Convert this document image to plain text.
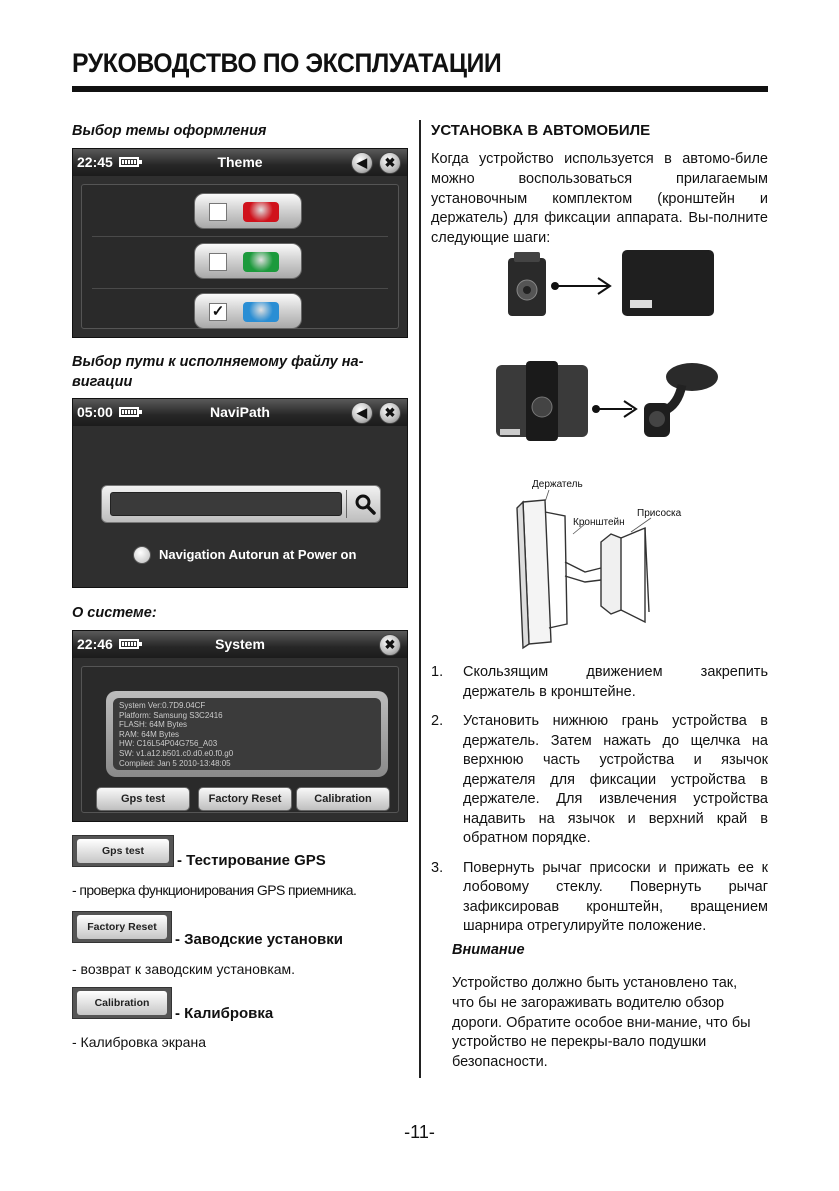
РУКОВОДСТВО ПО ЭКСПЛУАТАЦИИ
Выбор темы оформления
22:45	Theme	◀	✖
✓
Выбор пути к исполняемому файлу на-вигации
05:00	NaviPath	◀	✖
Navigation Autorun at Power on
О системе:
22:46	System	✖
System Ver:0.7D9.04CF
Platform: Samsung S3C2416
FLASH: 64M Bytes
RAM: 64M Bytes
HW: C16L54P04G756_A03
SW: v1.a12.b501.c0.d0.e0.f0.g0
Compiled: Jan 5 2010-13:48:05
Gps test	Factory Reset	Calibration
Gps test
- Тестирование GPS
- проверка функционирования GPS приемника.
Factory Reset
- Заводские установки
- возврат к заводским установкам.
Calibration
- Калибровка
- Калибровка экрана
УСТАНОВКА В АВТОМОБИЛЕ
Когда устройство используется в автомо-биле можно воспользоваться прилагаемым установочным комплектом (кронштейн и держатель) для фиксации аппарата. Вы-полните следующие шаги:
Держатель
Кронштейн
Присоска
1. Скользящим движением закрепить держатель в кронштейне.
2. Установить нижнюю грань устройства в держатель. Затем нажать до щелчка на верхнюю часть устройства и язычок держателя для фиксации устройства в держателе. Для извлечения устройства надавить на язычок и верхний край в обратном порядке.
3. Повернуть рычаг присоски и прижать ее к лобовому стеклу. Повернуть рычаг зафиксировав кронштейн, вращением шарнира отрегулируйте положение.
Внимание
Устройство должно быть установлено так, что бы не загораживать водителю обзор дороги. Обратите особое вни-мание, что бы устройство не перекры-вало подушки безопасности.
-11-
